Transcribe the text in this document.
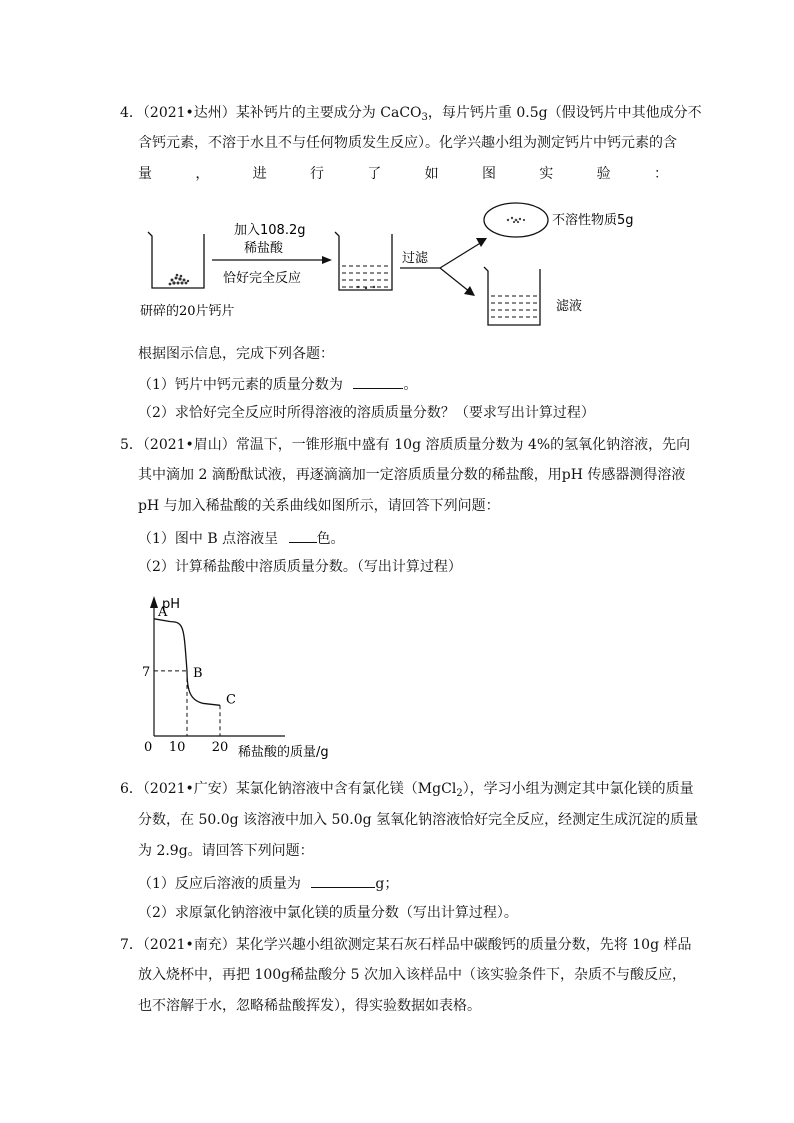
4．（2021•达州）某补钙片的主要成分为 CaCO$_3$，每片钙片重 0.5g（假设钙片中其他成分不
含钙元素，不溶于水且不与任何物质发生反应）。化学兴趣小组为测定钙片中钙元素的含
量	，	进	行	了	如	图	实	验	：
研碎的20片钙片
加入108.2g
稀盐酸
恰好完全反应
过滤
不溶性物质5g
滤液
根据图示信息，完成下列各题：
（1）钙片中钙元素的质量分数为	。
（2）求恰好完全反应时所得溶液的溶质质量分数？（要求写出计算过程）
5．（2021•眉山）常温下，一锥形瓶中盛有 10g 溶质质量分数为 4%的氢氧化钠溶液，先向
其中滴加 2 滴酚酞试液，再逐滴滴加一定溶质质量分数的稀盐酸，用pH 传感器测得溶液
pH 与加入稀盐酸的关系曲线如图所示，请回答下列问题：
（1）图中 B 点溶液呈	色。
（2）计算稀盐酸中溶质质量分数。（写出计算过程）
pH
0	稀盐酸的质量/g
10 20
7
A
B
C
6．（2021•广安）某氯化钠溶液中含有氯化镁（MgCl$_2$），学习小组为测定其中氯化镁的质量
分数，在 50.0g 该溶液中加入 50.0g 氢氧化钠溶液恰好完全反应，经测定生成沉淀的质量
为 2.9g。请回答下列问题：
（1）反应后溶液的质量为	g；
（2）求原氯化钠溶液中氯化镁的质量分数（写出计算过程）。
7．（2021•南充）某化学兴趣小组欲测定某石灰石样品中碳酸钙的质量分数，先将 10g 样品
放入烧杯中，再把 100g稀盐酸分 5 次加入该样品中（该实验条件下，杂质不与酸反应，
也不溶解于水，忽略稀盐酸挥发），得实验数据如表格。
